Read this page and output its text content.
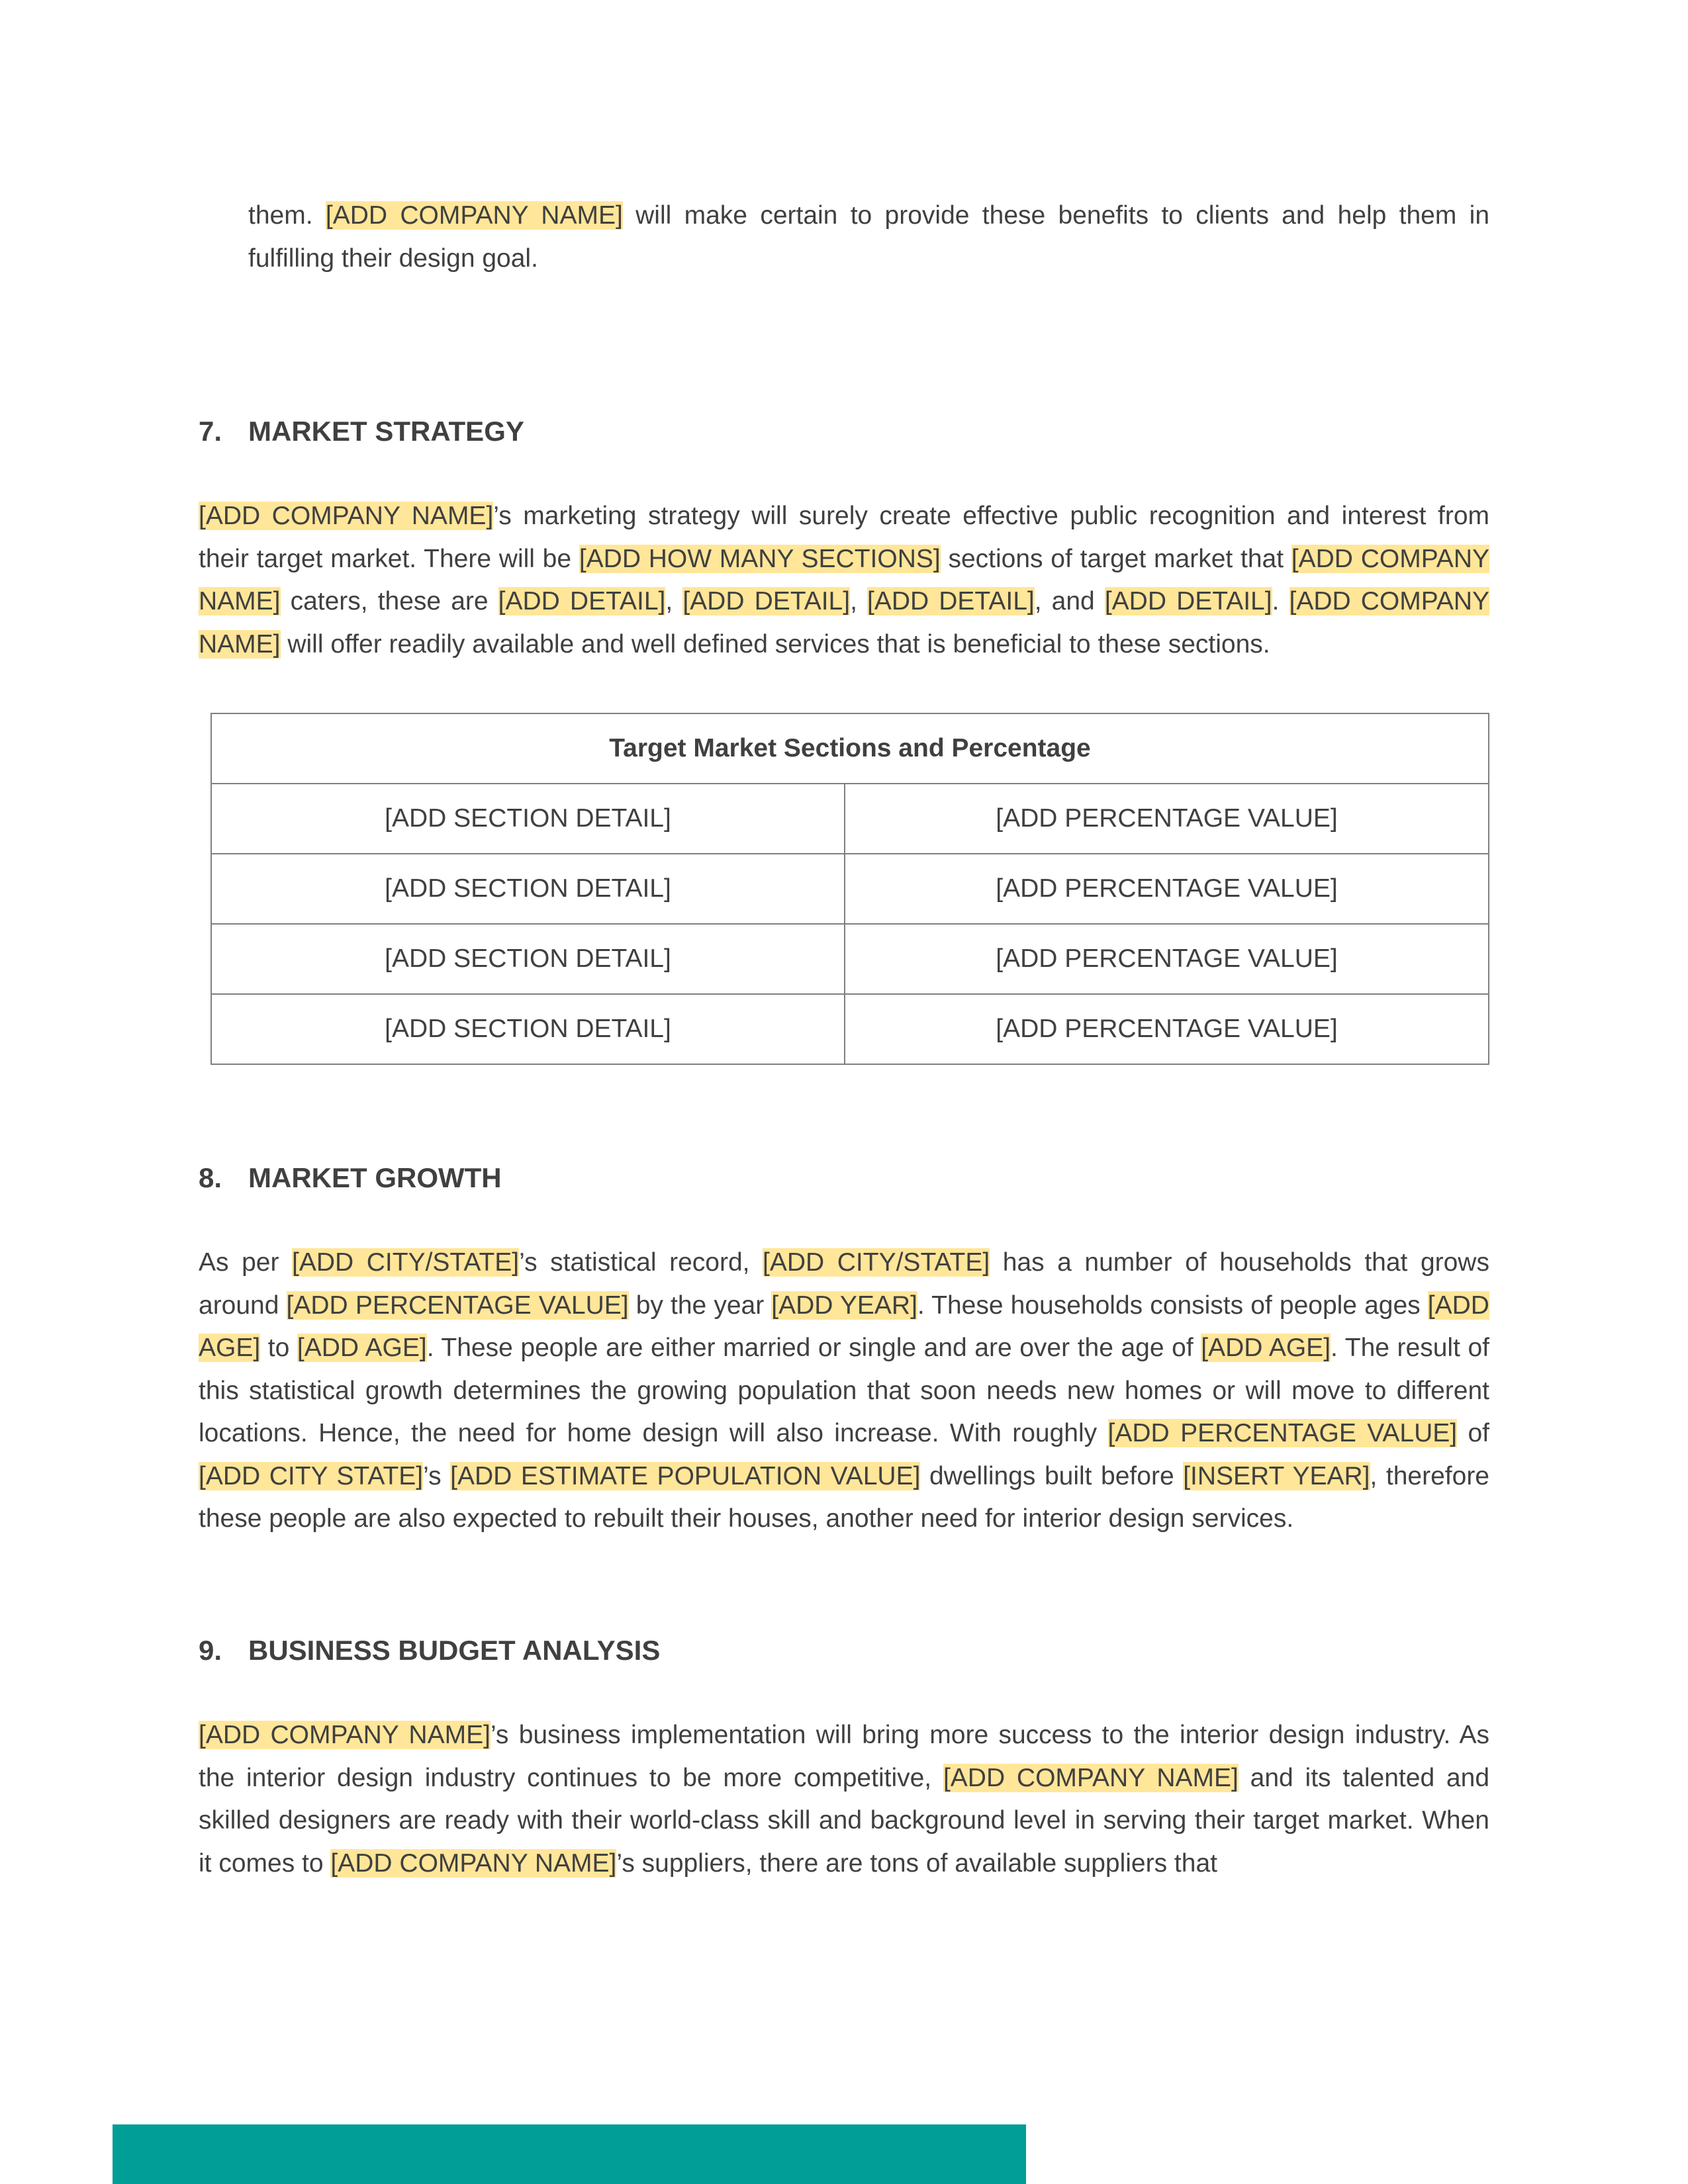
them. [ADD COMPANY NAME] will make certain to provide these benefits to clients and help them in fulfilling their design goal.

7. MARKET STRATEGY

[ADD COMPANY NAME]’s marketing strategy will surely create effective public recognition and interest from their target market. There will be [ADD HOW MANY SECTIONS] sections of target market that [ADD COMPANY NAME] caters, these are [ADD DETAIL], [ADD DETAIL], [ADD DETAIL], and [ADD DETAIL]. [ADD COMPANY NAME] will offer readily available and well defined services that is beneficial to these sections.

Target Market Sections and Percentage	
[ADD SECTION DETAIL]	[ADD PERCENTAGE VALUE]
[ADD SECTION DETAIL]	[ADD PERCENTAGE VALUE]
[ADD SECTION DETAIL]	[ADD PERCENTAGE VALUE]
[ADD SECTION DETAIL]	[ADD PERCENTAGE VALUE]
8. MARKET GROWTH

As per [ADD CITY/STATE]’s statistical record, [ADD CITY/STATE] has a number of households that grows around [ADD PERCENTAGE VALUE] by the year [ADD YEAR]. These households consists of people ages [ADD AGE] to [ADD AGE]. These people are either married or single and are over the age of [ADD AGE]. The result of this statistical growth determines the growing population that soon needs new homes or will move to different locations. Hence, the need for home design will also increase. With roughly [ADD PERCENTAGE VALUE] of [ADD CITY STATE]’s [ADD ESTIMATE POPULATION VALUE] dwellings built before [INSERT YEAR], therefore these people are also expected to rebuilt their houses, another need for interior design services.

9. BUSINESS BUDGET ANALYSIS

[ADD COMPANY NAME]’s business implementation will bring more success to the interior design industry. As the interior design industry continues to be more competitive, [ADD COMPANY NAME] and its talented and skilled designers are ready with their world-class skill and background level in serving their target market. When it comes to [ADD COMPANY NAME]’s suppliers, there are tons of available suppliers that
